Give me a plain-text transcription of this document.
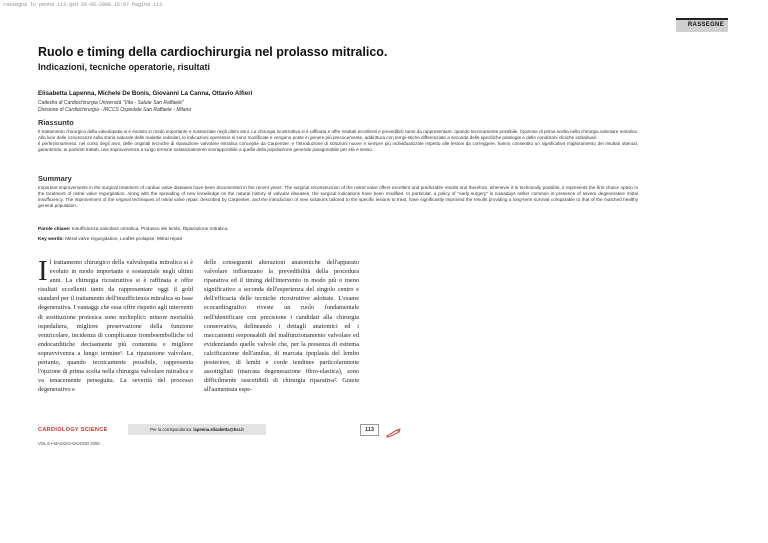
rassegna lo penna 113.qxd 29-05-2008 15:07 Pagina 113
RASSEGNE
Ruolo e timing della cardiochirurgia nel prolasso mitralico.
Indicazioni, tecniche operatorie, risultati
Elisabetta Lapenna, Michele De Bonis, Giovanni La Canna, Ottavio Alfieri
Cattedra di Cardiochirurgia Università "Vita - Salute San Raffaele"
Divisione di Cardiochirurgia - IRCCS Ospedale San Raffaele - Milano
Riassunto

Il trattamento chirurgico della valvulopatia si è evoluto in modo importante e sostanziale negli ultimi anni. La chirurgia ricostruttiva si è raffinata e offre risultati eccellenti e prevedibili; tanto da rappresentare, quando tecnicamente possibile, l'opzione di prima scelta nella chirurgia valvolare mitralica. Alla luce delle conoscenze sulla storia naturale delle malattie valvolari, le indicazioni operatorie si sono modificate e vengono poste in genere più precocemente, addirittura con tempi-stiche differenziate a seconda delle specifiche patologie e delle condizioni cliniche individuali.

Il perfezionamento, nel corso degli anni, delle originali tecniche di riparazione valvolare mitralica concepite da Carpentier, e l'introduzione di soluzioni nuove e sempre più individualizzate rispetto alle lesioni da correggere, hanno consentito un significativo miglioramento dei risultati ottenuti, garantendo, ai pazienti trattati, una sopravvivenza a lungo termine sostanzialmente sovrapponibile a quella della popolazione generale paragonabile per età e sesso.

Summary

Important improvements in the surgical treatment of cardiac valve diseases have been documented in the recent years. The surgical reconstruction of the mitral valve offers excellent and predictable results and therefore, whenever it is technically possible, it represents the first choice option in the treatment of mitral valve regurgitation. Along with the spreading of new knowledge on the natural history of valvular diseases, the surgical indications have been modified. In particular, a policy of "early surgery" is nowadays rather common in presence of severe degenerative mitral insufficiency. The improvement of the original techniques of mitral valve repair, described by Carpentier, and the introduction of new solutions tailored to the specific lesions to treat, have significantly improved the results providing a long-term survival comparable to that of the matched healthy general population.

Parole chiave: Insufficienza valvolare mitralica, Prolasso dei lembi, Riparazione mitralica
Key words: Mitral valve regurgitation, Leaflet prolapse, Mitral repair
Il trattamento chirurgico della valvulopatia mitralica si è evoluto in modo importante e sostanziale negli ultimi anni. La chirurgia ricostruttiva si è raffinata e offre risultati eccellenti tanto da rappresentare oggi il gold standard per il trattamento dell'insufficienza mitralica su base degenerativa. I vantaggi che essa offre rispetto agli interventi di sostituzione protesica sono molteplici: minore mortalità ospedaliera, migliore preservazione della funzione ventricolare, incidenza di complicanze tromboembolliche ed endocarditiche decisamente più contenuta e migliore sopravvivenza a lungo termine¹. La riparazione valvolare, pertanto, quando tecnicamente possibile, rappresenta l'opzione di prima scelta nella chirurgia valvolare mitralica e va tenacemente perseguita. La severità del processo degenerativo e
delle conseguenti alterazioni anatomiche dell'apparato valvolare influenzano la prevedibilità della procedura riparativa ed il timing dell'intervento in modo più o meno significativo a seconda dell'esperienza del singolo centro e dell'efficacia delle tecniche ricostruttive adottate. L'esame ecocardiografico riveste un ruolo fondamentale nell'identificare con precisione i candidati alla chirurgia conservativa, delineando i dettagli anatomici ed i meccanismi responsabili del malfunzionamento valvolare ed evidenziando quelle valvole che, per la presenza di estrema calcificazione dell'anulus, di marcata ipoplasia del lembo posteriore, di lembi e corde tendinee particolarmente assottigliati (marcata degenerazione fibro-elastica), sono difficilmente suscettibili di chirurgia riparativa². Grazie all'aumentata espe-
CARDIOLOGY SCIENCE	Per la corrispondenza: lapenna.elisabetta@hsr.it
VOL 6 • MAGGIO-GIUGNO 2008
113
